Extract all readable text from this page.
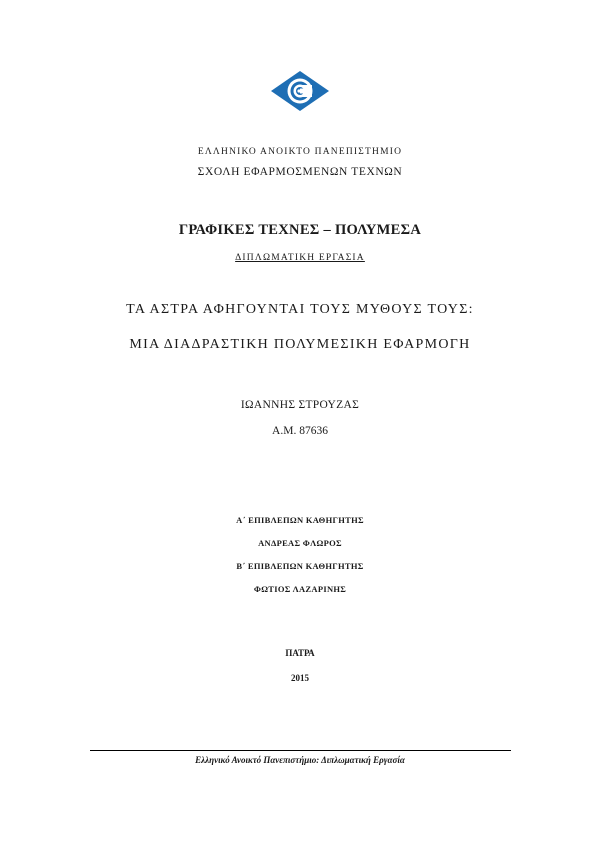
ΕΛΛΗΝΙΚΟ ΑΝΟΙΚΤΟ ΠΑΝΕΠΙΣΤΗΜΙΟ
ΣΧΟΛΗ ΕΦΑΡΜΟΣΜΕΝΩΝ ΤΕΧΝΩΝ
ΓΡΑΦΙΚΕΣ ΤΕΧΝΕΣ – ΠΟΛΥΜΕΣΑ
ΔΙΠΛΩΜΑΤΙΚΗ ΕΡΓΑΣΙΑ
ΤΑ ΑΣΤΡΑ ΑΦΗΓΟΥΝΤΑΙ ΤΟΥΣ ΜΥΘΟΥΣ ΤΟΥΣ:
ΜΙΑ ΔΙΑΔΡΑΣΤΙΚΗ ΠΟΛΥΜΕΣΙΚΗ ΕΦΑΡΜΟΓΗ
ΙΩΑΝΝΗΣ ΣΤΡΟΥΖΑΣ
Α.Μ. 87636
Α΄ ΕΠΙΒΛΕΠΩΝ ΚΑΘΗΓΗΤΗΣ
ΑΝΔΡΕΑΣ ΦΛΩΡΟΣ
Β΄ ΕΠΙΒΛΕΠΩΝ ΚΑΘΗΓΗΤΗΣ
ΦΩΤΙΟΣ ΛΑΖΑΡΙΝΗΣ
ΠΑΤΡΑ
2015
Ελληνικό Ανοικτό Πανεπιστήμιο: Διπλωματική Εργασία
